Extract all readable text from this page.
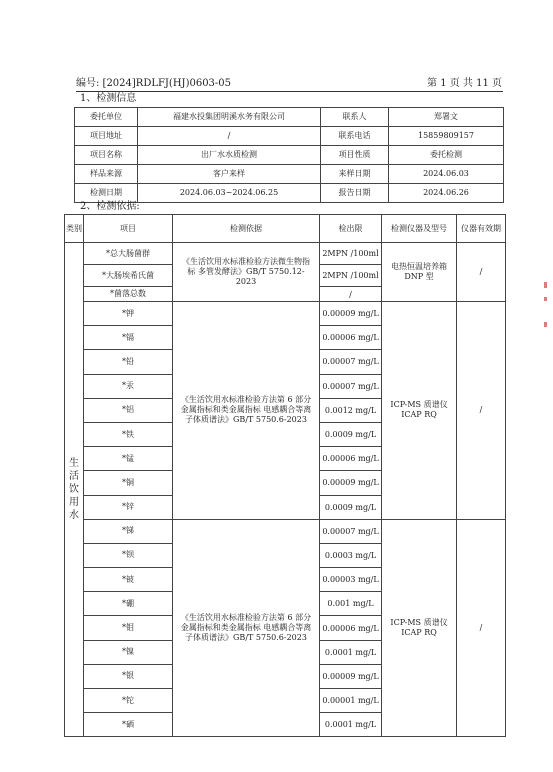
编号: [2024]RDLFJ(HJ)0603-05	第 1 页 共 11 页
1、检测信息
委托单位	福建水投集团明溪水务有限公司	联系人	郑署文
项目地址	/	联系电话	15859809157
项目名称	出厂水水质检测	项目性质	委托检测
样品来源	客户来样	来样日期	2024.06.03
检测日期	2024.06.03~2024.06.25	报告日期	2024.06.26
2、检测依据:
类别	项目	检测依据	检出限	检测仪器及型号	仪器有效期
生活饮用水	*总大肠菌群	《生活饮用水标准检验方法微生物指标 多管发酵法》GB/T 5750.12-2023	2MPN /100ml	电热恒温培养箱 DNP 型	/
	*大肠埃希氏菌		2MPN /100ml		
	*菌落总数		/		
	*钾	《生活饮用水标准检验方法第 6 部分 金属指标和类金属指标 电感耦合等离子体质谱法》GB/T 5750.6-2023	0.00009 mg/L	ICP-MS 质谱仪 ICAP RQ	/
	*镉		0.00006 mg/L		
	*铅		0.00007 mg/L		
	*汞		0.00007 mg/L		
	*铝		0.0012 mg/L		
	*铁		0.0009 mg/L		
	*锰		0.00006 mg/L		
	*铜		0.00009 mg/L		
	*锌		0.0009 mg/L		
	*锑	《生活饮用水标准检验方法第 6 部分 金属指标和类金属指标 电感耦合等离子体质谱法》GB/T 5750.6-2023	0.00007 mg/L	ICP-MS 质谱仪 ICAP RQ	/
	*钡		0.0003 mg/L		
	*铍		0.00003 mg/L		
	*硼		0.001 mg/L		
	*钼		0.00006 mg/L		
	*镍		0.0001 mg/L		
	*银		0.00009 mg/L		
	*铊		0.00001 mg/L		
	*硒		0.0001 mg/L		
